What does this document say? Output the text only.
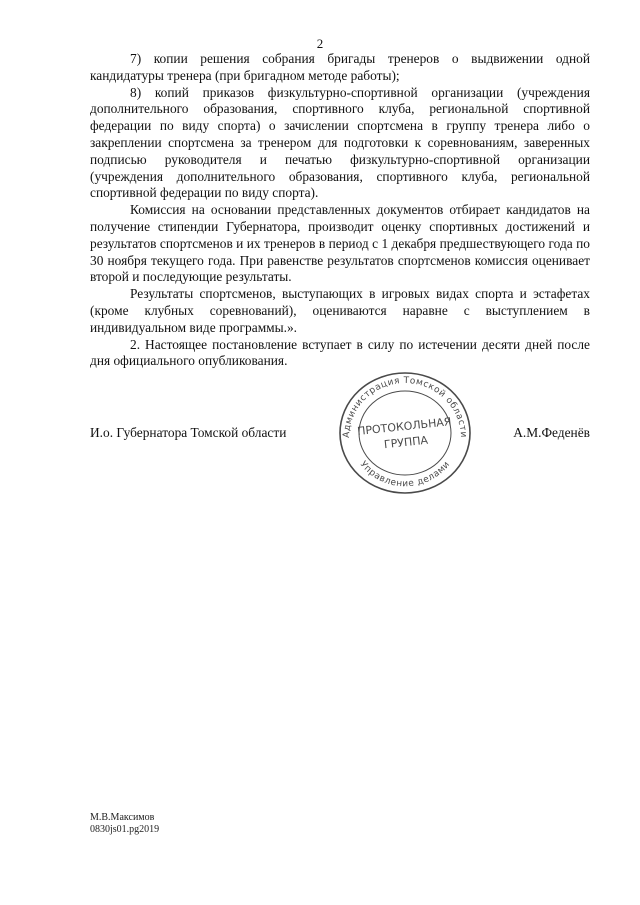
2

7) копии решения собрания бригады тренеров о выдвижении одной кандидатуры тренера (при бригадном методе работы);

8) копий приказов физкультурно-спортивной организации (учреждения дополнительного образования, спортивного клуба, региональной спортивной федерации по виду спорта) о зачислении спортсмена в группу тренера либо о закреплении спортсмена за тренером для подготовки к соревнованиям, заверенных подписью руководителя и печатью физкультурно-спортивной организации (учреждения дополнительного образования, спортивного клуба, региональной спортивной федерации по виду спорта).

Комиссия на основании представленных документов отбирает кандидатов на получение стипендии Губернатора, производит оценку спортивных достижений и результатов спортсменов и их тренеров в период с 1 декабря предшествующего года по 30 ноября текущего года. При равенстве результатов спортсменов комиссия оценивает второй и последующие результаты.

Результаты спортсменов, выступающих в игровых видах спорта и эстафетах (кроме клубных соревнований), оцениваются наравне с выступлением в индивидуальном виде программы.».

2. Настоящее постановление вступает в силу по истечении десяти дней после дня официального опубликования.

И.о. Губернатора Томской области	А.М.Феденёв
Администрация Томской области
Управление делами
ПРОТОКОЛЬНАЯ
ГРУППА
М.В.Максимов
0830js01.pg2019
